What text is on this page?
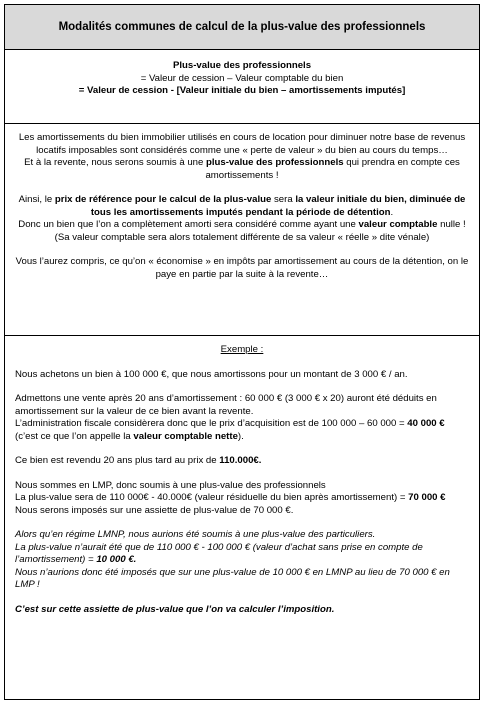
Modalités communes de calcul de la plus-value des professionnels

Plus-value des professionnels

= Valeur de cession – Valeur comptable du bien

= Valeur de cession - [Valeur initiale du bien – amortissements imputés]

Les amortissements du bien immobilier utilisés en cours de location pour diminuer notre base de revenus locatifs imposables sont considérés comme une « perte de valeur » du bien au cours du temps…

Et à la revente, nous serons soumis à une plus-value des professionnels qui prendra en compte ces amortissements !

Ainsi, le prix de référence pour le calcul de la plus-value sera la valeur initiale du bien, diminuée de tous les amortissements imputés pendant la période de détention.

Donc un bien que l’on a complètement amorti sera considéré comme ayant une valeur comptable nulle !

(Sa valeur comptable sera alors totalement différente de sa valeur « réelle » dite vénale)

Vous l’aurez compris, ce qu’on « économise » en impôts par amortissement au cours de la détention, on le paye en partie par la suite à la revente…

Exemple :

Nous achetons un bien à 100 000 €, que nous amortissons pour un montant de 3 000 € / an.

Admettons une vente après 20 ans d’amortissement : 60 000 € (3 000 € x 20) auront été déduits en amortissement sur la valeur de ce bien avant la revente.

L’administration fiscale considèrera donc que le prix d’acquisition est de 100 000 – 60 000 = 40 000 € (c’est ce que l’on appelle la valeur comptable nette).

Ce bien est revendu 20 ans plus tard au prix de 110.000€.

Nous sommes en LMP, donc soumis à une plus-value des professionnels

La plus-value sera de 110 000€ - 40.000€ (valeur résiduelle du bien après amortissement) = 70 000 €

Nous serons imposés sur une assiette de plus-value de 70 000 €.

Alors qu’en régime LMNP, nous aurions été soumis à une plus-value des particuliers.

La plus-value n’aurait été que de 110 000 € - 100 000 € (valeur d’achat sans prise en compte de l’amortissement) = 10 000 €.

Nous n’aurions donc été imposés que sur une plus-value de 10 000 € en LMNP au lieu de 70 000 € en LMP !

C’est sur cette assiette de plus-value que l’on va calculer l’imposition.
